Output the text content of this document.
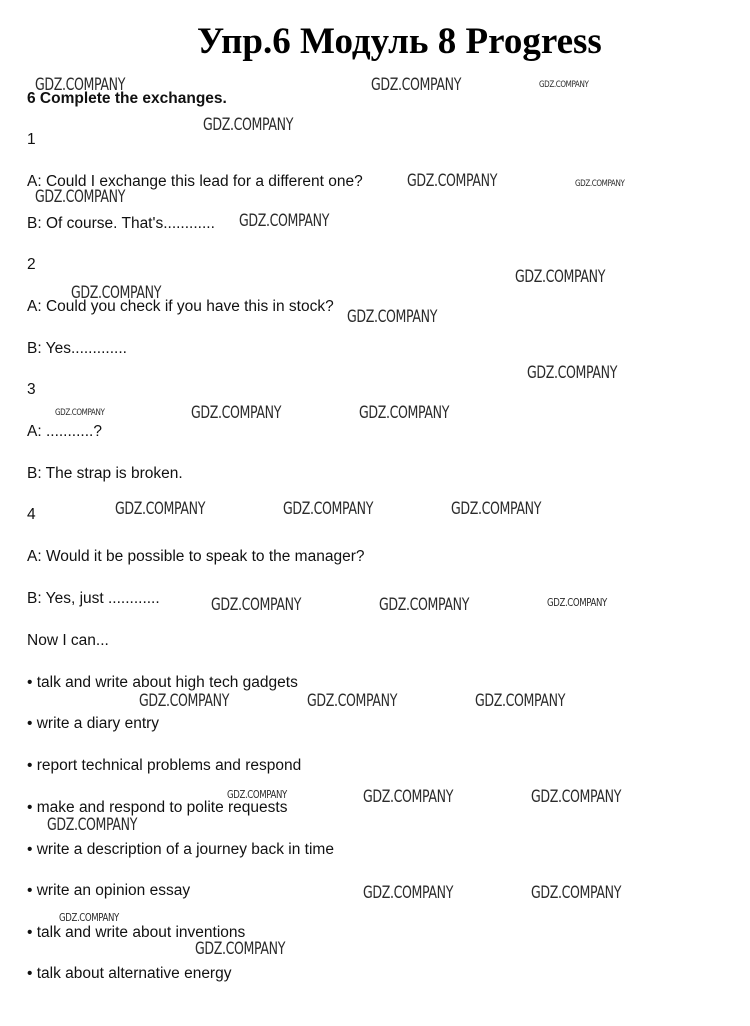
Упр.6 Модуль 8 Progress
6 Complete the exchanges.
1
A: Could I exchange this lead for a different one?
B: Of course. That's............
2
A: Could you check if you have this in stock?
B: Yes.............
3
A: ...........?
B: The strap is broken.
4
A: Would it be possible to speak to the manager?
B: Yes, just ............
Now I can...
• talk and write about high tech gadgets
• write a diary entry
• report technical problems and respond
• make and respond to polite requests
• write a description of a journey back in time
• write an opinion essay
• talk and write about inventions
• talk about alternative energy
GDZ.COMPANY	GDZ.COMPANY	GDZ.COMPANY
GDZ.COMPANY
GDZ.COMPANY	GDZ.COMPANY
GDZ.COMPANY
GDZ.COMPANY
GDZ.COMPANY
GDZ.COMPANY
GDZ.COMPANY
GDZ.COMPANY
GDZ.COMPANY	GDZ.COMPANY	GDZ.COMPANY
GDZ.COMPANY	GDZ.COMPANY	GDZ.COMPANY
GDZ.COMPANY	GDZ.COMPANY	GDZ.COMPANY
GDZ.COMPANY	GDZ.COMPANY	GDZ.COMPANY
GDZ.COMPANY	GDZ.COMPANY	GDZ.COMPANY
GDZ.COMPANY
GDZ.COMPANY	GDZ.COMPANY
GDZ.COMPANY
GDZ.COMPANY
